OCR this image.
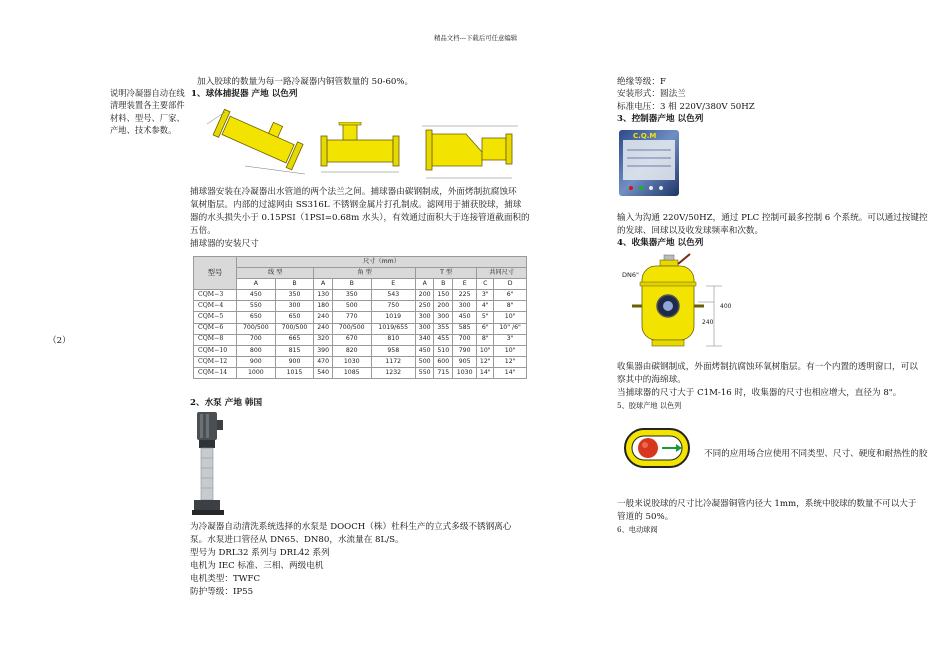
精品文档---下载后可任意编辑
（2）
说明冷凝器自动在线清理装置各主要部件材料、型号、厂家、产地、技术参数。
加入胶球的数量为每一路冷凝器内铜管数量的 50-60%。
1、球体捕捉器 产地 以色列
捕球器安装在冷凝器出水管道的两个法兰之间。捕球器由碳钢制成，外面烤制抗腐蚀环
氧树脂层。内部的过滤网由 SS316L 不锈钢金属片打孔制成。滤网用于捕获胶球，捕球
器的水头损失小于 0.15PSI（1PSI=0.68m 水头），有效通过面积大于连接管道截面积的
五倍。
捕球器的安装尺寸
型号	尺寸（mm）									
	线 型		角 型			T 型			共同尺寸	
	A	B	A	B	E	A	B	E	C	D
CQM−3	450	350	130	350	543	200	150	225	3"	6"
CQM−4	550	300	180	500	750	250	200	300	4"	8"
CQM−5	650	650	240	770	1019	300	300	450	5"	10"
CQM−6	700/500	700/500	240	700/500	1019/655	300	355	585	6"	10" /6"
CQM−8	700	665	320	670	810	340	455	700	8"	3"
CQM−10	800	815	390	820	958	450	510	790	10"	10"
CQM−12	900	900	470	1030	1172	500	600	905	12"	12"
CQM−14	1000	1015	540	1085	1232	550	715	1030	14"	14"
2、水泵 产地 韩国
为冷凝器自动清洗系统选择的水泵是 DOOCH（株）杜科生产的立式多级不锈钢离心
泵。水泵进口管径从 DN65、DN80，水流量在 8L/S。
型号为 DRL32 系列与 DRL42 系列
电机为 IEC 标准、三相、两级电机
电机类型：TWFC
防护等级：IP55
绝缘等级：F
安装形式：圆法兰
标准电压：3 相 220V/380V 50HZ
3、控制器产地 以色列
C.Q.M
输入为沟通 220V/50HZ，通过 PLC 控制可最多控制 6 个系统。可以通过按键控
的发球、回球以及收发球频率和次数。
4、收集器产地 以色列
DN6"
400
240
收集器由碳钢制成，外面烤制抗腐蚀环氧树脂层。有一个内置的透明窗口，可以
察其中的海绵球。
当捕球器的尺寸大于 C1M-16 时，收集器的尺寸也相应增大，直径为 8"。
5、胶球产地 以色列
不同的应用场合应使用不同类型、尺寸、硬度和耐热性的胶
一般来说胶球的尺寸比冷凝器铜管内径大 1mm，系统中胶球的数量不可以大于
管道的 50%。
6、电动球阀
